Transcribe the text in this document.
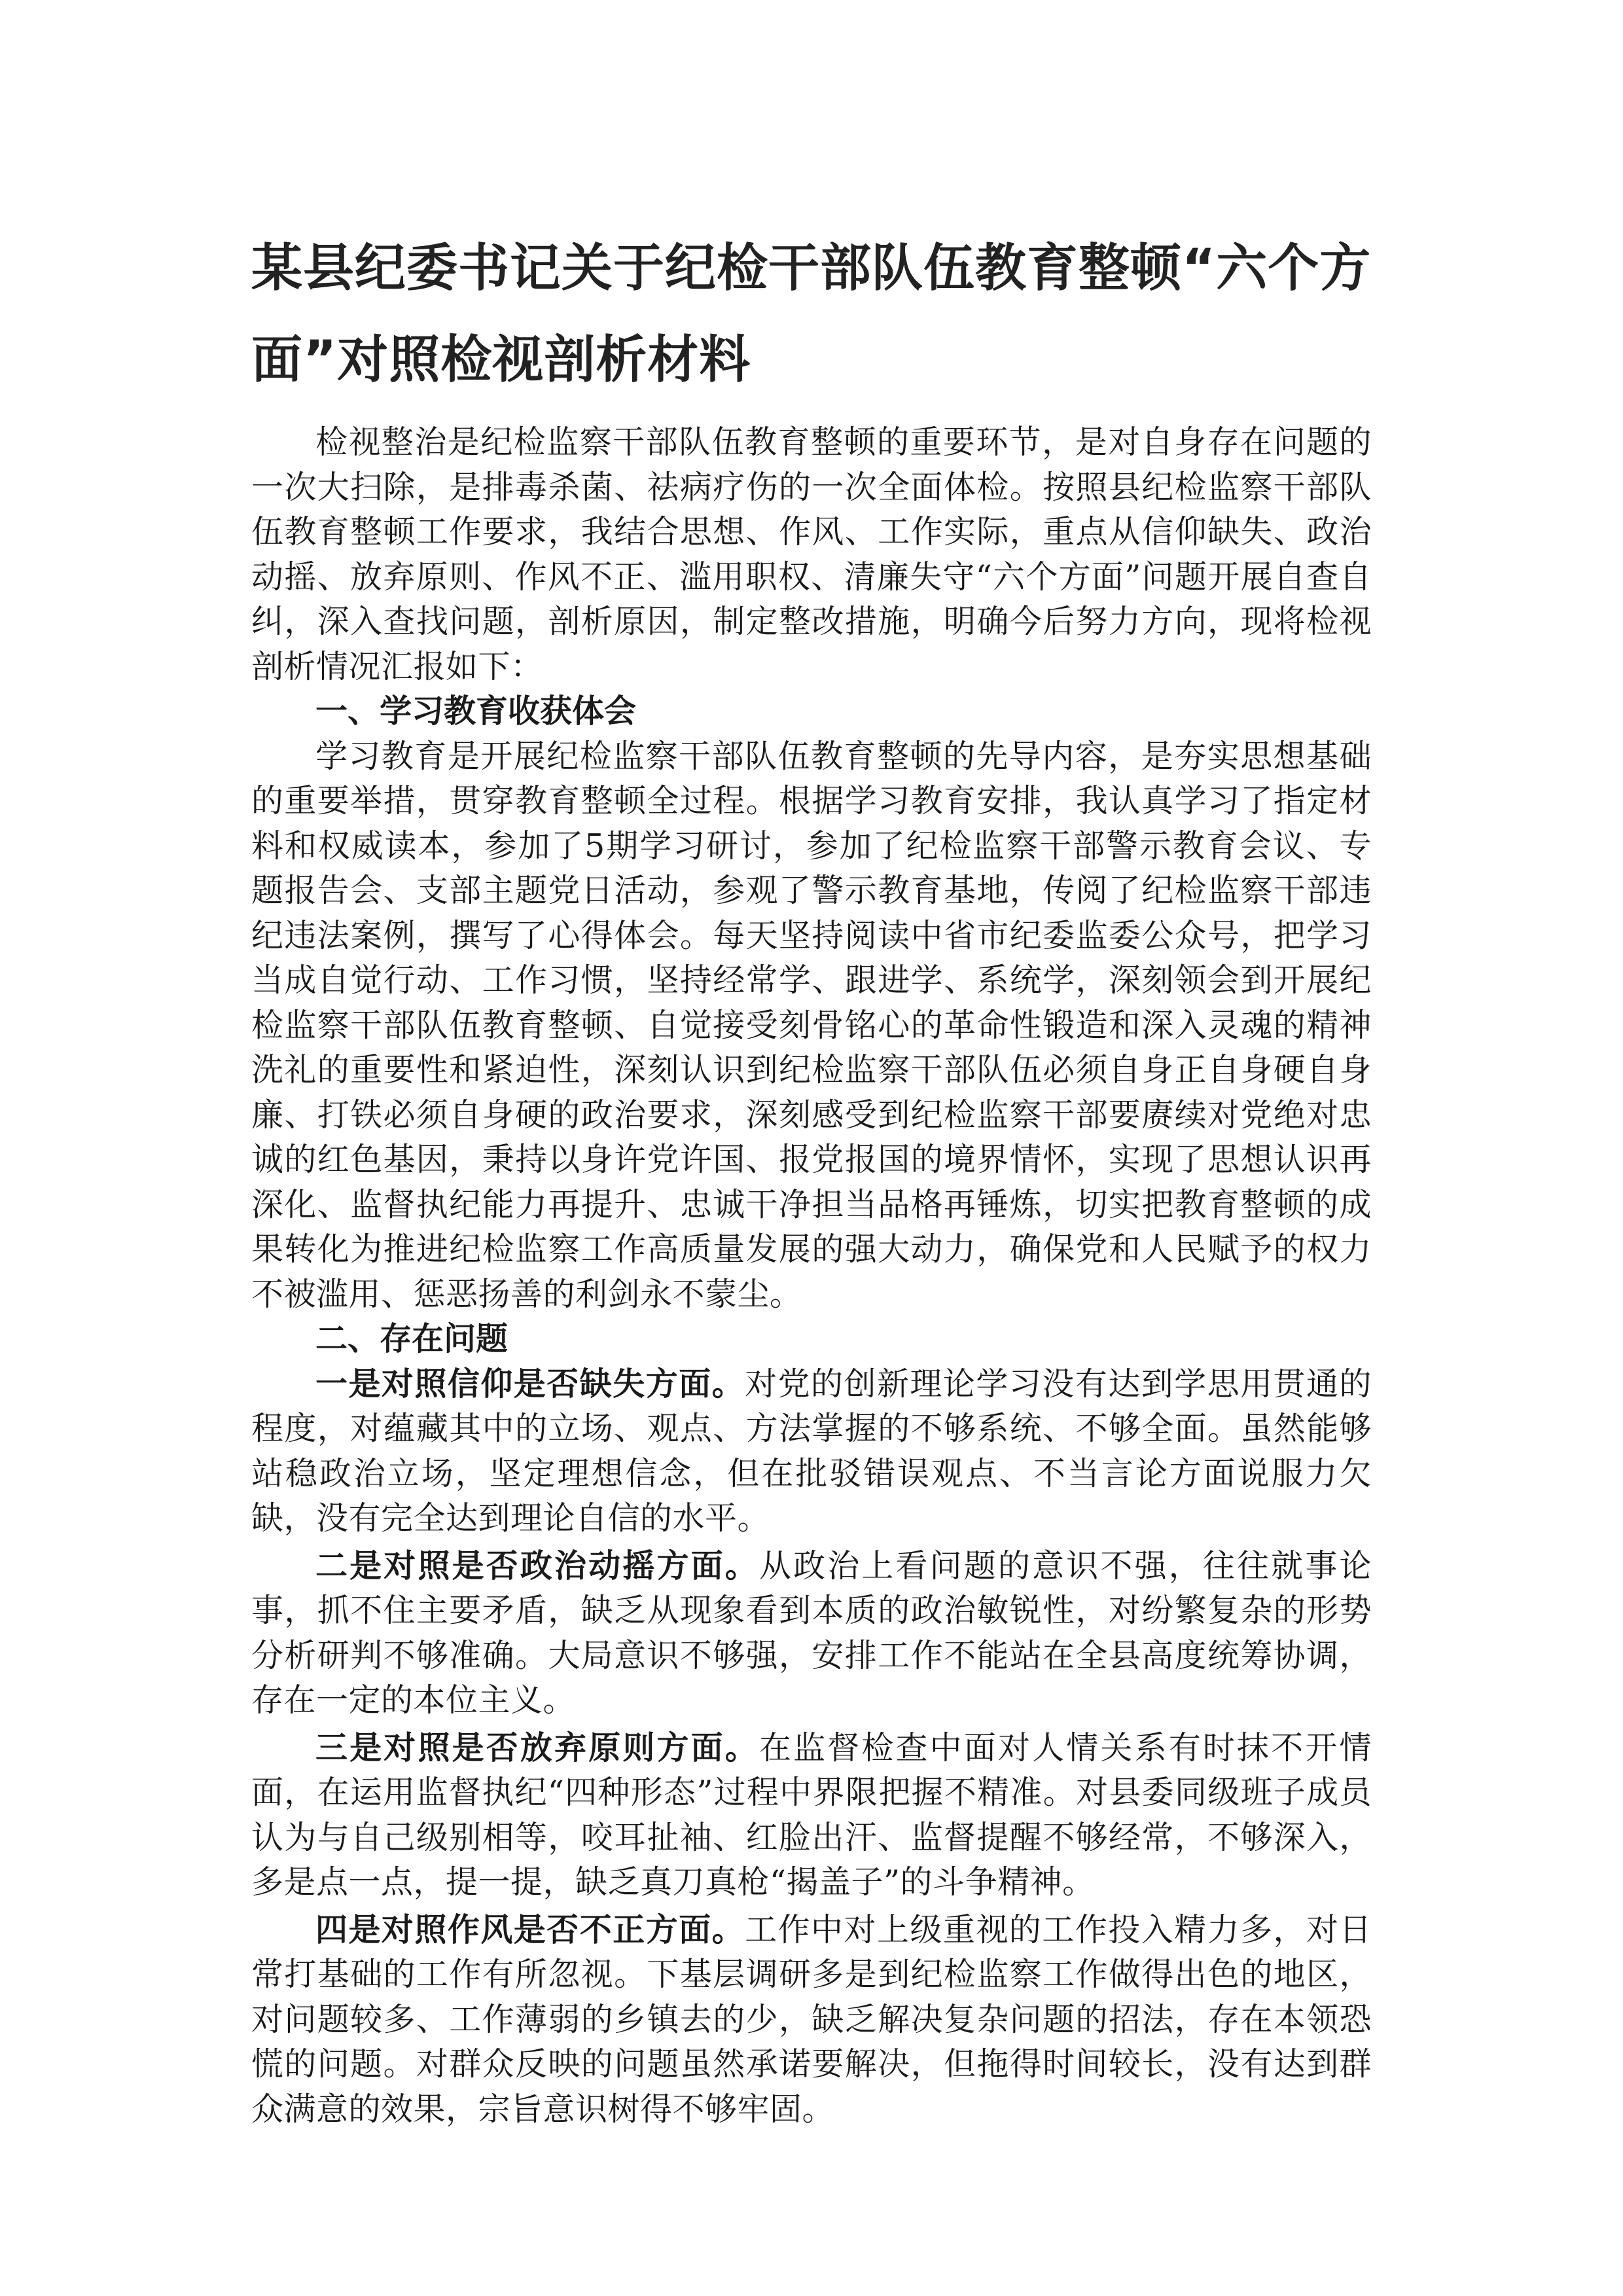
某县纪委书记关于纪检干部队伍教育整顿“六个方面”对照检视剖析材料

检视整治是纪检监察干部队伍教育整顿的重要环节，是对自身存在问题的一次大扫除，是排毒杀菌、祛病疗伤的一次全面体检。按照县纪检监察干部队伍教育整顿工作要求，我结合思想、作风、工作实际，重点从信仰缺失、政治动摇、放弃原则、作风不正、滥用职权、清廉失守“六个方面”问题开展自查自纠，深入查找问题，剖析原因，制定整改措施，明确今后努力方向，现将检视剖析情况汇报如下：

一、学习教育收获体会

学习教育是开展纪检监察干部队伍教育整顿的先导内容，是夯实思想基础的重要举措，贯穿教育整顿全过程。根据学习教育安排，我认真学习了指定材料和权威读本，参加了5期学习研讨，参加了纪检监察干部警示教育会议、专题报告会、支部主题党日活动，参观了警示教育基地，传阅了纪检监察干部违纪违法案例，撰写了心得体会。每天坚持阅读中省市纪委监委公众号，把学习当成自觉行动、工作习惯，坚持经常学、跟进学、系统学，深刻领会到开展纪检监察干部队伍教育整顿、自觉接受刻骨铭心的革命性锻造和深入灵魂的精神洗礼的重要性和紧迫性，深刻认识到纪检监察干部队伍必须自身正自身硬自身廉、打铁必须自身硬的政治要求，深刻感受到纪检监察干部要赓续对党绝对忠诚的红色基因，秉持以身许党许国、报党报国的境界情怀，实现了思想认识再深化、监督执纪能力再提升、忠诚干净担当品格再锤炼，切实把教育整顿的成果转化为推进纪检监察工作高质量发展的强大动力，确保党和人民赋予的权力不被滥用、惩恶扬善的利剑永不蒙尘。

二、存在问题

一是对照信仰是否缺失方面。对党的创新理论学习没有达到学思用贯通的程度，对蕴藏其中的立场、观点、方法掌握的不够系统、不够全面。虽然能够站稳政治立场，坚定理想信念，但在批驳错误观点、不当言论方面说服力欠缺，没有完全达到理论自信的水平。

二是对照是否政治动摇方面。从政治上看问题的意识不强，往往就事论事，抓不住主要矛盾，缺乏从现象看到本质的政治敏锐性，对纷繁复杂的形势分析研判不够准确。大局意识不够强，安排工作不能站在全县高度统筹协调，存在一定的本位主义。

三是对照是否放弃原则方面。在监督检查中面对人情关系有时抹不开情面，在运用监督执纪“四种形态”过程中界限把握不精准。对县委同级班子成员认为与自己级别相等，咬耳扯袖、红脸出汗、监督提醒不够经常，不够深入，多是点一点，提一提，缺乏真刀真枪“揭盖子”的斗争精神。

四是对照作风是否不正方面。工作中对上级重视的工作投入精力多，对日常打基础的工作有所忽视。下基层调研多是到纪检监察工作做得出色的地区，对问题较多、工作薄弱的乡镇去的少，缺乏解决复杂问题的招法，存在本领恐慌的问题。对群众反映的问题虽然承诺要解决，但拖得时间较长，没有达到群众满意的效果，宗旨意识树得不够牢固。
